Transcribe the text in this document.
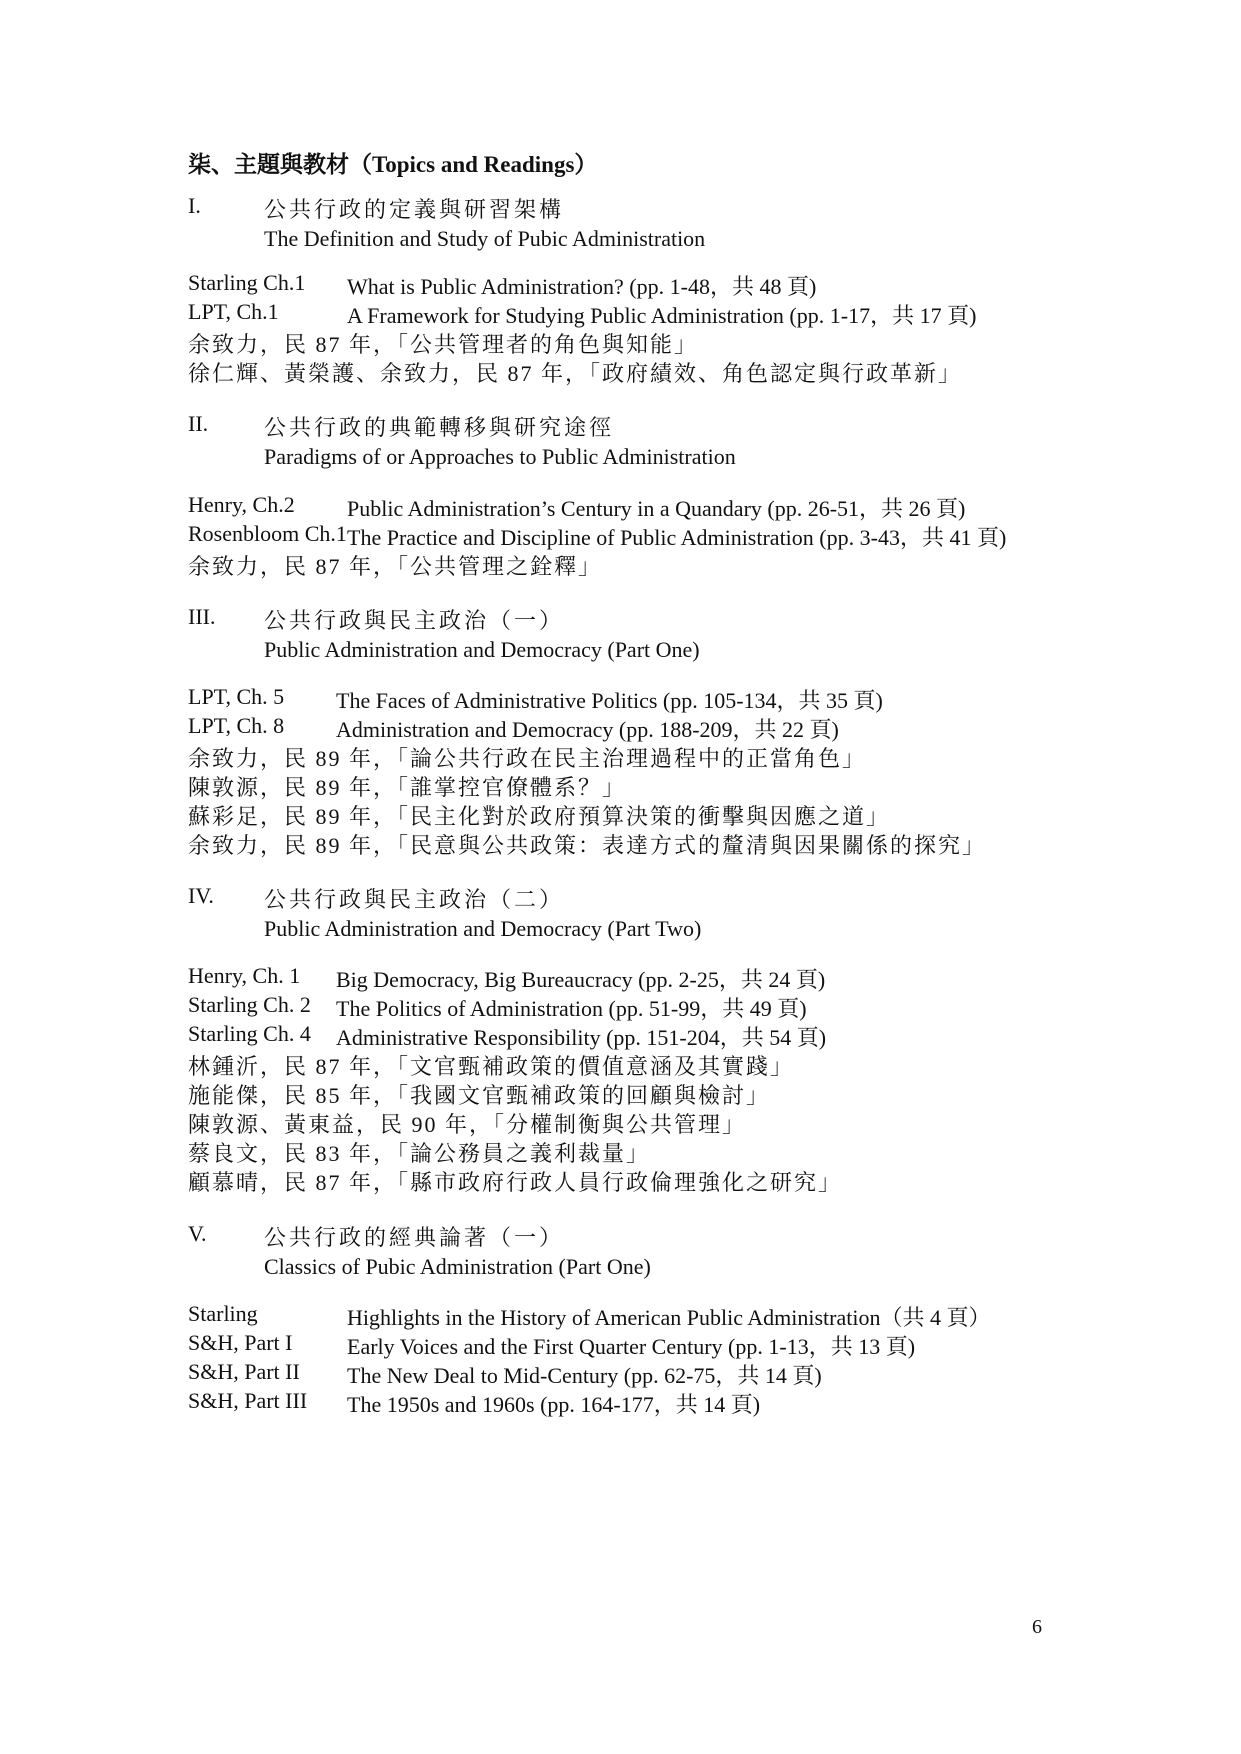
柒、主題與教材（Topics and Readings）
I.	公共行政的定義與研習架構
The Definition and Study of Pubic Administration
Starling Ch.1 What is Public Administration? (pp. 1-48，共 48 頁)
LPT, Ch.1	A Framework for Studying Public Administration (pp. 1-17，共 17 頁)
余致力，民 87 年，「公共管理者的角色與知能」
徐仁輝、黃榮護、余致力，民 87 年，「政府績效、角色認定與行政革新」
II.	公共行政的典範轉移與研究途徑
Paradigms of or Approaches to Public Administration
Henry, Ch.2 Public Administration’s Century in a Quandary (pp. 26-51，共 26 頁)
Rosenbloom Ch.1 The Practice and Discipline of Public Administration (pp. 3-43，共 41 頁)
余致力，民 87 年，「公共管理之銓釋」
III. 公共行政與民主政治（一）
Public Administration and Democracy (Part One)
LPT, Ch. 5 The Faces of Administrative Politics (pp. 105-134，共 35 頁)
LPT, Ch. 8 Administration and Democracy (pp. 188-209，共 22 頁)
余致力，民 89 年，「論公共行政在民主治理過程中的正當角色」
陳敦源，民 89 年，「誰掌控官僚體系？」
蘇彩足，民 89 年，「民主化對於政府預算決策的衝擊與因應之道」
余致力，民 89 年，「民意與公共政策：表達方式的釐清與因果關係的探究」
IV. 公共行政與民主政治（二）
Public Administration and Democracy (Part Two)
Henry, Ch. 1 Big Democracy, Big Bureaucracy (pp. 2-25，共 24 頁)
Starling Ch. 2 The Politics of Administration (pp. 51-99，共 49 頁)
Starling Ch. 4 Administrative Responsibility (pp. 151-204，共 54 頁)
林鍾沂，民 87 年，「文官甄補政策的價值意涵及其實踐」
施能傑，民 85 年，「我國文官甄補政策的回顧與檢討」
陳敦源、黃東益，民 90 年，「分權制衡與公共管理」
蔡良文，民 83 年，「論公務員之義利裁量」
顧慕晴，民 87 年，「縣市政府行政人員行政倫理強化之研究」
V.	公共行政的經典論著（一）
Classics of Pubic Administration (Part One)
Starling	Highlights in the History of American Public Administration（共 4 頁）
S&H, Part I Early Voices and the First Quarter Century (pp. 1-13，共 13 頁)
S&H, Part II The New Deal to Mid-Century (pp. 62-75，共 14 頁)
S&H, Part III The 1950s and 1960s (pp. 164-177，共 14 頁)
6
